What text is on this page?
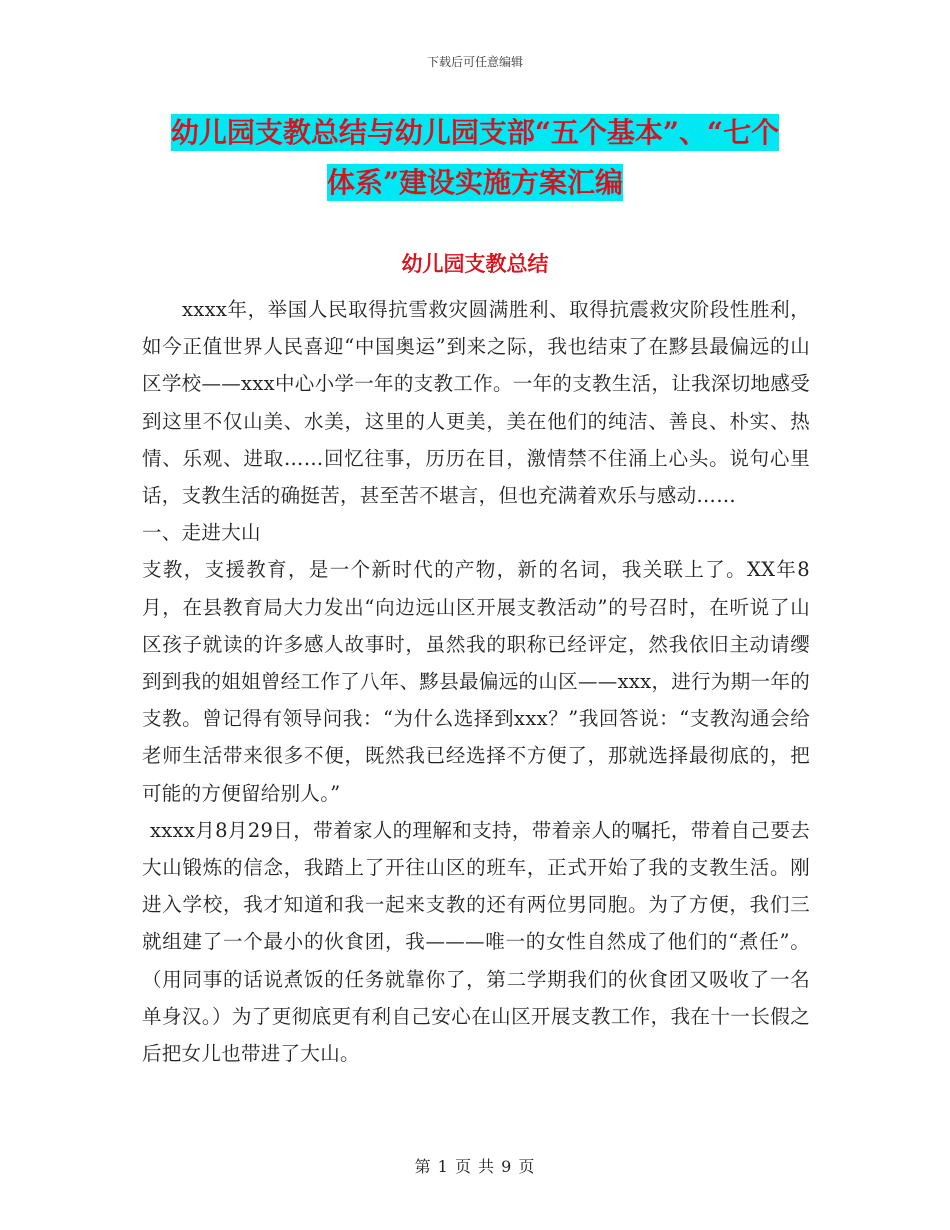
下载后可任意编辑
幼儿园支教总结与幼儿园支部“五个基本”、“七个
体系”建设实施方案汇编
幼儿园支教总结

xxxx年，举国人民取得抗雪救灾圆满胜利、取得抗震救灾阶段性胜利，如今正值世界人民喜迎“中国奥运”到来之际，我也结束了在黟县最偏远的山区学校——xxx中心小学一年的支教工作。一年的支教生活，让我深切地感受到这里不仅山美、水美，这里的人更美，美在他们的纯洁、善良、朴实、热情、乐观、进取……回忆往事，历历在目，激情禁不住涌上心头。说句心里话，支教生活的确挺苦，甚至苦不堪言，但也充满着欢乐与感动……

一、走进大山

支教，支援教育，是一个新时代的产物，新的名词，我关联上了。XX年8月，在县教育局大力发出“向边远山区开展支教活动”的号召时，在听说了山区孩子就读的许多感人故事时，虽然我的职称已经评定，然我依旧主动请缨到到我的姐姐曾经工作了八年、黟县最偏远的山区——xxx，进行为期一年的支教。曾记得有领导问我：“为什么选择到xxx？”我回答说：“支教沟通会给老师生活带来很多不便，既然我已经选择不方便了，那就选择最彻底的，把可能的方便留给别人。”

xxxx月8月29日，带着家人的理解和支持，带着亲人的嘱托，带着自己要去大山锻炼的信念，我踏上了开往山区的班车，正式开始了我的支教生活。刚进入学校，我才知道和我一起来支教的还有两位男同胞。为了方便，我们三就组建了一个最小的伙食团，我———唯一的女性自然成了他们的“煮任”。（用同事的话说煮饭的任务就靠你了，第二学期我们的伙食团又吸收了一名单身汉。）为了更彻底更有利自己安心在山区开展支教工作，我在十一长假之后把女儿也带进了大山。

第 1 页 共 9 页
